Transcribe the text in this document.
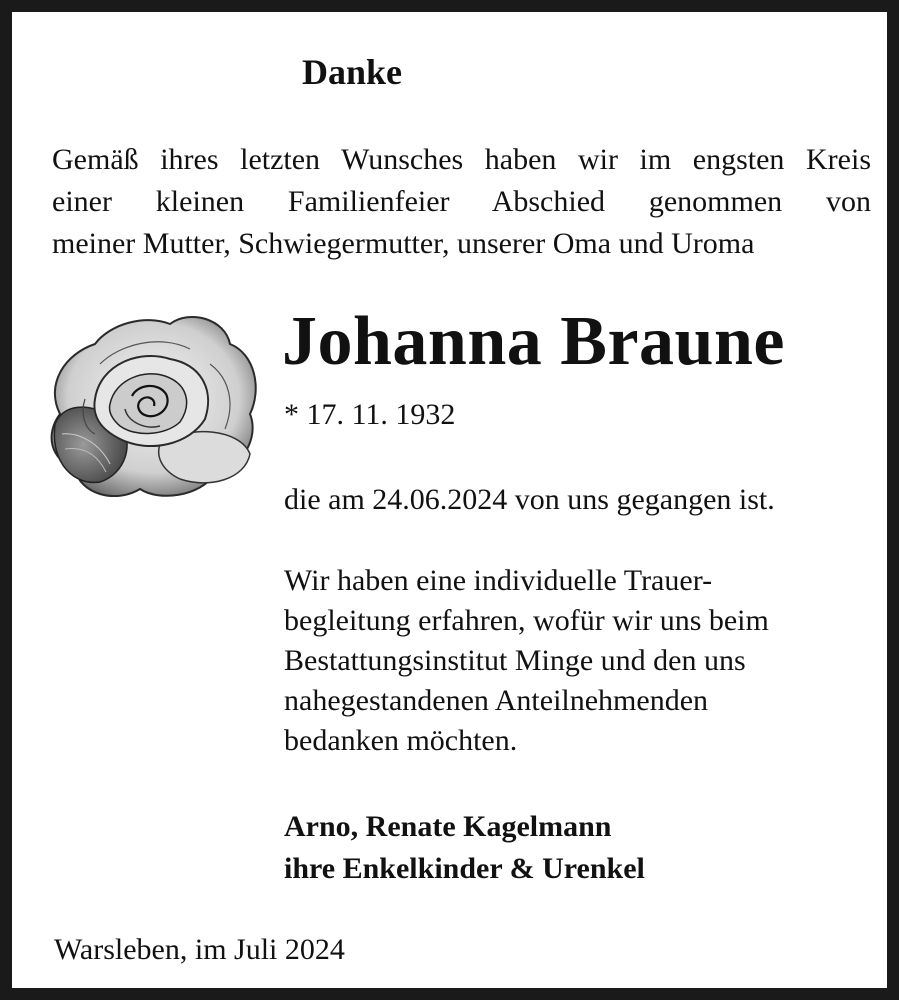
Danke
Gemäß ihres letzten Wunsches haben wir im engsten Kreis
einer kleinen Familienfeier Abschied genommen von
meiner Mutter, Schwiegermutter, unserer Oma und Uroma
Johanna Braune
* 17. 11. 1932
die am 24.06.2024 von uns gegangen ist.
Wir haben eine individuelle Trauer-
begleitung erfahren, wofür wir uns beim
Bestattungsinstitut Minge und den uns
nahegestandenen Anteilnehmenden
bedanken möchten.
Arno, Renate Kagelmann
ihre Enkelkinder & Urenkel
Warsleben, im Juli 2024
